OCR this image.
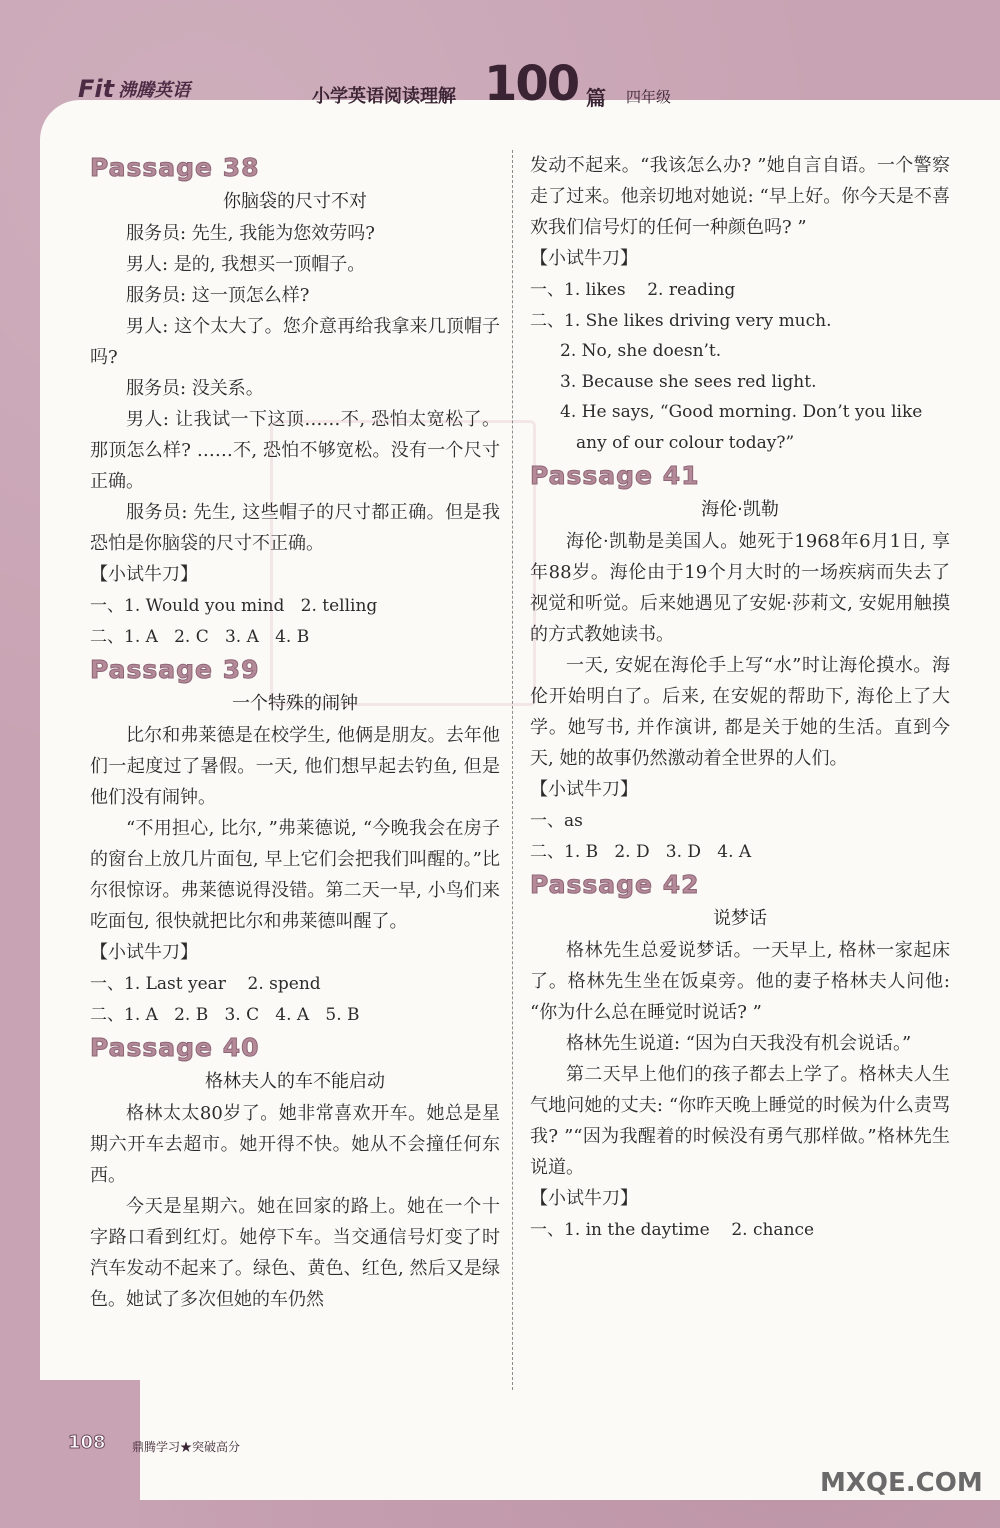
Fit 沸腾英语	小学英语阅读理解 100 篇 四年级
Passage 38
你脑袋的尺寸不对

服务员: 先生, 我能为您效劳吗?

男人: 是的, 我想买一顶帽子。

服务员: 这一顶怎么样?

男人: 这个太大了。您介意再给我拿来几顶帽子吗?

服务员: 没关系。

男人: 让我试一下这顶……不, 恐怕太宽松了。那顶怎么样? ……不, 恐怕不够宽松。没有一个尺寸正确。

服务员: 先生, 这些帽子的尺寸都正确。但是我恐怕是你脑袋的尺寸不正确。

【小试牛刀】
一、1. Would you mind   2. telling
二、1. A   2. C   3. A   4. B
Passage 39
一个特殊的闹钟

比尔和弗莱德是在校学生, 他俩是朋友。去年他们一起度过了暑假。一天, 他们想早起去钓鱼, 但是他们没有闹钟。

“不用担心, 比尔, ”弗莱德说, “今晚我会在房子的窗台上放几片面包, 早上它们会把我们叫醒的。”比尔很惊讶。弗莱德说得没错。第二天一早, 小鸟们来吃面包, 很快就把比尔和弗莱德叫醒了。

【小试牛刀】
一、1. Last year    2. spend
二、1. A   2. B   3. C   4. A   5. B
Passage 40
格林夫人的车不能启动

格林太太80岁了。她非常喜欢开车。她总是星期六开车去超市。她开得不快。她从不会撞任何东西。

今天是星期六。她在回家的路上。她在一个十字路口看到红灯。她停下车。当交通信号灯变了时汽车发动不起来了。绿色、黄色、红色, 然后又是绿色。她试了多次但她的车仍然

发动不起来。“我该怎么办? ”她自言自语。一个警察走了过来。他亲切地对她说: “早上好。你今天是不喜欢我们信号灯的任何一种颜色吗? ”

【小试牛刀】
一、1. likes    2. reading
二、1. She likes driving very much.
2. No, she doesn’t.
3. Because she sees red light.
4. He says, “Good morning. Don’t you like
any of our colour today?”
Passage 41
海伦·凯勒

海伦·凯勒是美国人。她死于1968年6月1日, 享年88岁。海伦由于19个月大时的一场疾病而失去了视觉和听觉。后来她遇见了安妮·莎莉文, 安妮用触摸的方式教她读书。

一天, 安妮在海伦手上写“水”时让海伦摸水。海伦开始明白了。后来, 在安妮的帮助下, 海伦上了大学。她写书, 并作演讲, 都是关于她的生活。直到今天, 她的故事仍然激动着全世界的人们。

【小试牛刀】
一、as
二、1. B   2. D   3. D   4. A
Passage 42
说梦话

格林先生总爱说梦话。一天早上, 格林一家起床了。格林先生坐在饭桌旁。他的妻子格林夫人问他: “你为什么总在睡觉时说话? ”

格林先生说道: “因为白天我没有机会说话。”

第二天早上他们的孩子都去上学了。格林夫人生气地问她的丈夫: “你昨天晚上睡觉的时候为什么责骂我? ”“因为我醒着的时候没有勇气那样做。”格林先生说道。

【小试牛刀】
一、1. in the daytime    2. chance
108 鼎腾学习★突破高分
MXQE.COM
